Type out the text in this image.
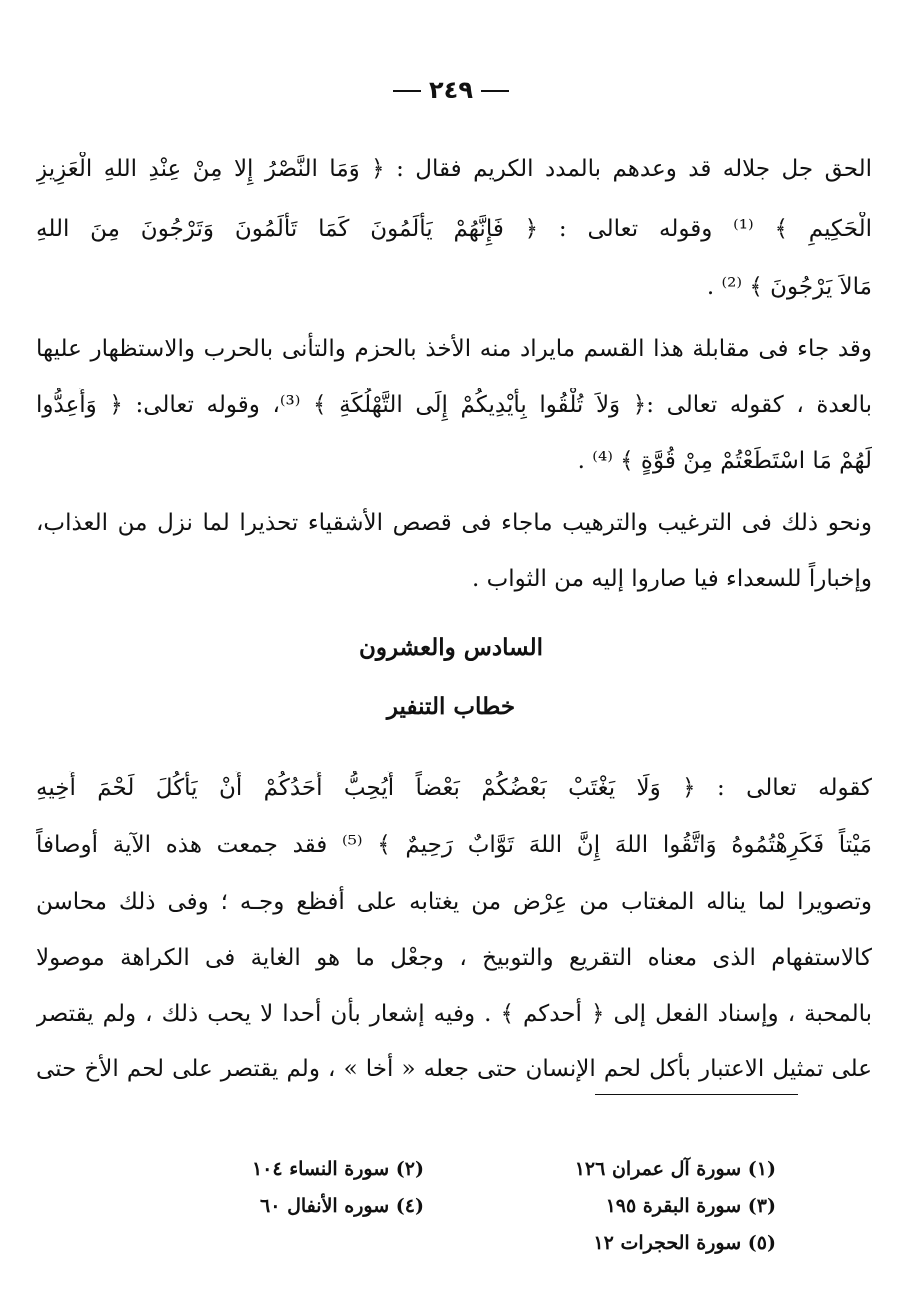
٢٤٩
الحق جل جلاله قد وعدهم بالمدد الكريم فقال : ﴿ وَمَا النَّصْرُ إِلا مِنْ عِنْدِ اللهِ الْعَزِيزِ
الْحَكِيمِ ﴾ ⁽¹⁾ وقوله تعالى : ﴿ فَإِنَّهُمْ يَأْلَمُونَ كَمَا تَأْلَمُونَ وَتَرْجُونَ مِنَ اللهِ
مَالاَ يَرْجُونَ ﴾ ⁽²⁾ .
وقد جاء فى مقابلة هذا القسم مايراد منه الأخذ بالحزم والتأنى بالحرب والاستظهار عليها
بالعدة ، كقوله تعالى :﴿ وَلاَ تُلْقُوا بِأَيْدِيكُمْ إِلَى التَّهْلُكَةِ ﴾ ⁽³⁾، وقوله تعالى: ﴿ وَأَعِدُّوا
لَهُمْ مَا اسْتَطَعْتُمْ مِنْ قُوَّةٍ ﴾ ⁽⁴⁾ .
ونحو ذلك فى الترغيب والترهيب ماجاء فى قصص الأشقياء تحذيرا لما نزل من العذاب،
وإخباراً للسعداء فيا صاروا إليه من الثواب .
السادس والعشرون
خطاب التنفير
كقوله تعالى : ﴿ وَلَا يَغْتَبْ بَعْضُكُمْ بَعْضاً أَيُحِبُّ أَحَدُكُمْ أَنْ يَأْكُلَ لَحْمَ أَخِيهِ
مَيْتاً فَكَرِهْتُمُوهُ وَاتَّقُوا اللهَ إِنَّ اللهَ تَوَّابٌ رَحِيمٌ ﴾ ⁽⁵⁾ فقد جمعت هذه الآية أوصافاً
وتصويرا لما يناله المغتاب من عِرْض من يغتابه على أفظع وجـه ؛ وفى ذلك محاسن
كالاستفهام الذى معناه التقريع والتوبيخ ، وجعْل ما هو الغاية فى الكراهة موصولا
بالمحبة ، وإسناد الفعل إلى ﴿ أحدكم ﴾ . وفيه إشعار بأن أحدا لا يحب ذلك ، ولم يقتصر
على تمثيل الاعتبار بأكل لحم الإنسان حتى جعله « أخا » ، ولم يقتصر على لحم الأخ حتى
(١) سورة آل عمران ١٢٦
(٢) سورة النساء ١٠٤
(٣) سورة البقرة ١٩٥
(٤) سوره الأنفال ٦٠
(٥) سورة الحجرات ١٢
